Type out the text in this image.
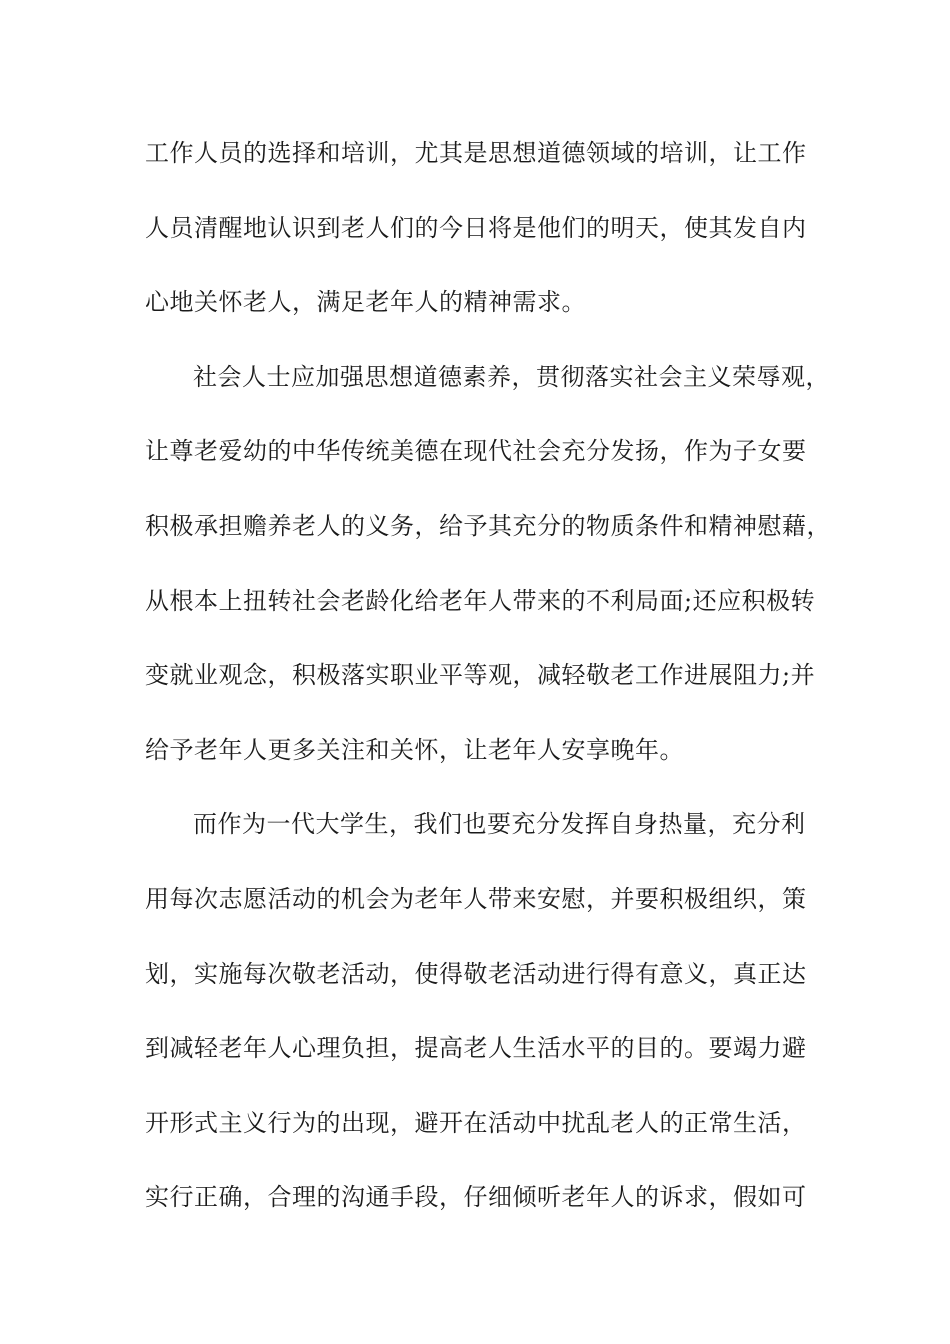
工作人员的选择和培训，尤其是思想道德领域的培训，让工作
人员清醒地认识到老人们的今日将是他们的明天，使其发自内
心地关怀老人，满足老年人的精神需求。
社会人士应加强思想道德素养，贯彻落实社会主义荣辱观，
让尊老爱幼的中华传统美德在现代社会充分发扬，作为子女要
积极承担赡养老人的义务，给予其充分的物质条件和精神慰藉，
从根本上扭转社会老龄化给老年人带来的不利局面;还应积极转
变就业观念，积极落实职业平等观，减轻敬老工作进展阻力;并
给予老年人更多关注和关怀，让老年人安享晚年。
而作为一代大学生，我们也要充分发挥自身热量，充分利
用每次志愿活动的机会为老年人带来安慰，并要积极组织，策
划，实施每次敬老活动，使得敬老活动进行得有意义，真正达
到减轻老年人心理负担，提高老人生活水平的目的。要竭力避
开形式主义行为的出现，避开在活动中扰乱老人的正常生活，
实行正确，合理的沟通手段，仔细倾听老年人的诉求，假如可
